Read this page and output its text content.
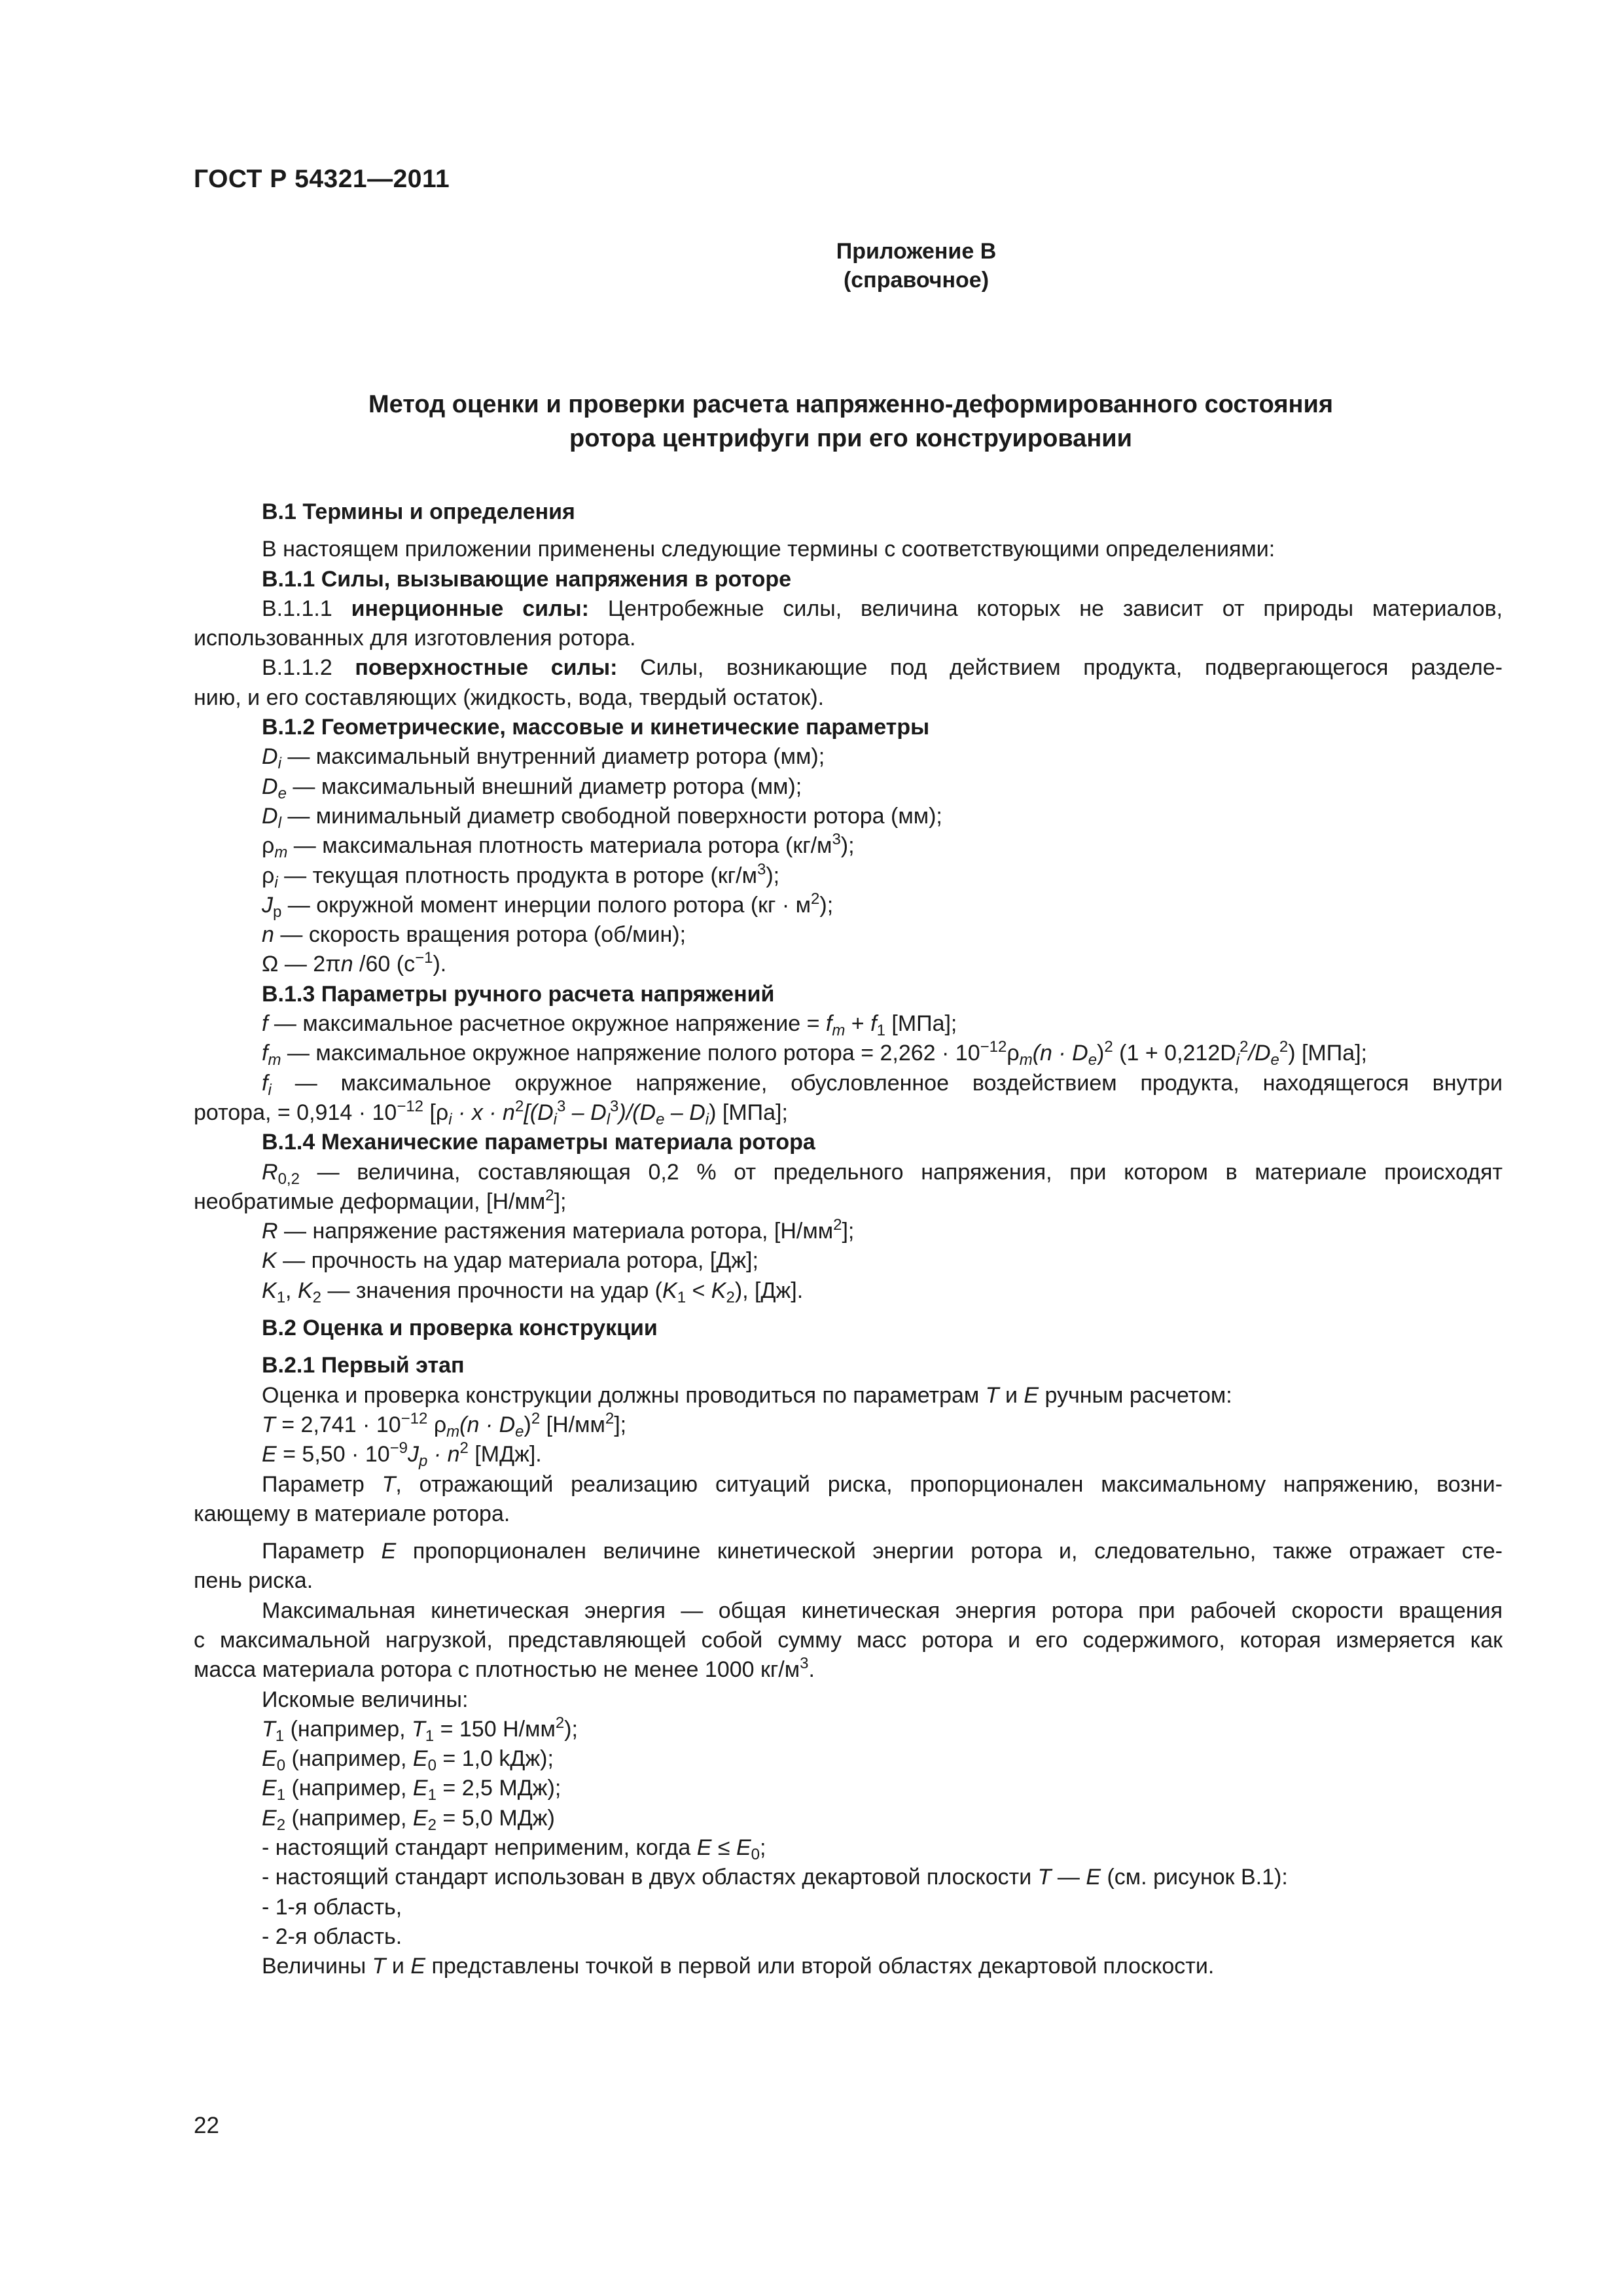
ГОСТ Р 54321—2011
Приложение В
(справочное)
Метод оценки и проверки расчета напряженно-деформированного состояния
ротора центрифуги при его конструировании
В.1 Термины и определения
В настоящем приложении применены следующие термины с соответствующими определениями:
В.1.1 Силы, вызывающие напряжения в роторе
В.1.1.1 инерционные силы: Центробежные силы, величина которых не зависит от природы материалов,
использованных для изготовления ротора.
В.1.1.2 поверхностные силы: Силы, возникающие под действием продукта, подвергающегося разделе-
нию, и его составляющих (жидкость, вода, твердый остаток).
В.1.2 Геометрические, массовые и кинетические параметры
$D_i$ — максимальный внутренний диаметр ротора (мм);
$D_e$ — максимальный внешний диаметр ротора (мм);
$D_l$ — минимальный диаметр свободной поверхности ротора (мм);
$\rho_m$ — максимальная плотность материала ротора $(кг/м^3)$;
$\rho_i$ — текущая плотность продукта в роторе $(кг/м^3)$;
$J_p$ — окружной момент инерции полого ротора $(кг \cdot м^2)$;
n — скорость вращения ротора (об/мин);
Ω — 2πn /60 $(с^{-1})$.
В.1.3 Параметры ручного расчета напряжений
f — максимальное расчетное окружное напряжение = $f_m + f_1$ [МПа];
$f_m$ — максимальное окружное напряжение полого ротора = $2,262 \cdot 10^{-12}\rho_m(n \cdot D_e)^2$ $(1 + 0,212D_i^2/D_e^2)$ [МПа];
$f_i$ — максимальное окружное напряжение, обусловленное воздействием продукта, находящегося внутри
ротора, = $0,914 \cdot 10^{-12}$ [$\rho_i \cdot x \cdot n^2[(D_i^3 - D_l^3)/(D_e - D_i)$ [МПа];
В.1.4 Механические параметры материала ротора
$R_{0,2}$ — величина, составляющая 0,2 % от предельного напряжения, при котором в материале происходят
необратимые деформации, $[Н/мм^2]$;
R — напряжение растяжения материала ротора, $[Н/мм^2]$;
K — прочность на удар материала ротора, [Дж];
$K_1$, $K_2$ — значения прочности на удар $(K_1 < K_2)$, [Дж].
В.2 Оценка и проверка конструкции
В.2.1 Первый этап
Оценка и проверка конструкции должны проводиться по параметрам T и E ручным расчетом:
$T = 2,741 \cdot 10^{-12}$ $\rho_m(n \cdot D_e)^2$ $[Н/мм^2]$;
$E = 5,50 \cdot 10^{-9}J_p \cdot n^2$ [МДж].
Параметр T, отражающий реализацию ситуаций риска, пропорционален максимальному напряжению, возни-
кающему в материале ротора.
Параметр E пропорционален величине кинетической энергии ротора и, следовательно, также отражает сте-
пень риска.
Максимальная кинетическая энергия — общая кинетическая энергия ротора при рабочей скорости вращения
с максимальной нагрузкой, представляющей собой сумму масс ротора и его содержимого, которая измеряется как
масса материала ротора с плотностью не менее 1000 $кг/м^3$.
Искомые величины:
$T_1$ (например, $T_1 = 150$ $Н/мм^2$);
$E_0$ (например, $E_0 = 1,0$ kДж);
$E_1$ (например, $E_1 = 2,5$ МДж);
$E_2$ (например, $E_2 = 5,0$ МДж)
- настоящий стандарт неприменим, когда $E \le E_0$;
- настоящий стандарт использован в двух областях декартовой плоскости T — E (см. рисунок В.1):
- 1-я область,
- 2-я область.
Величины T и E представлены точкой в первой или второй областях декартовой плоскости.
22
